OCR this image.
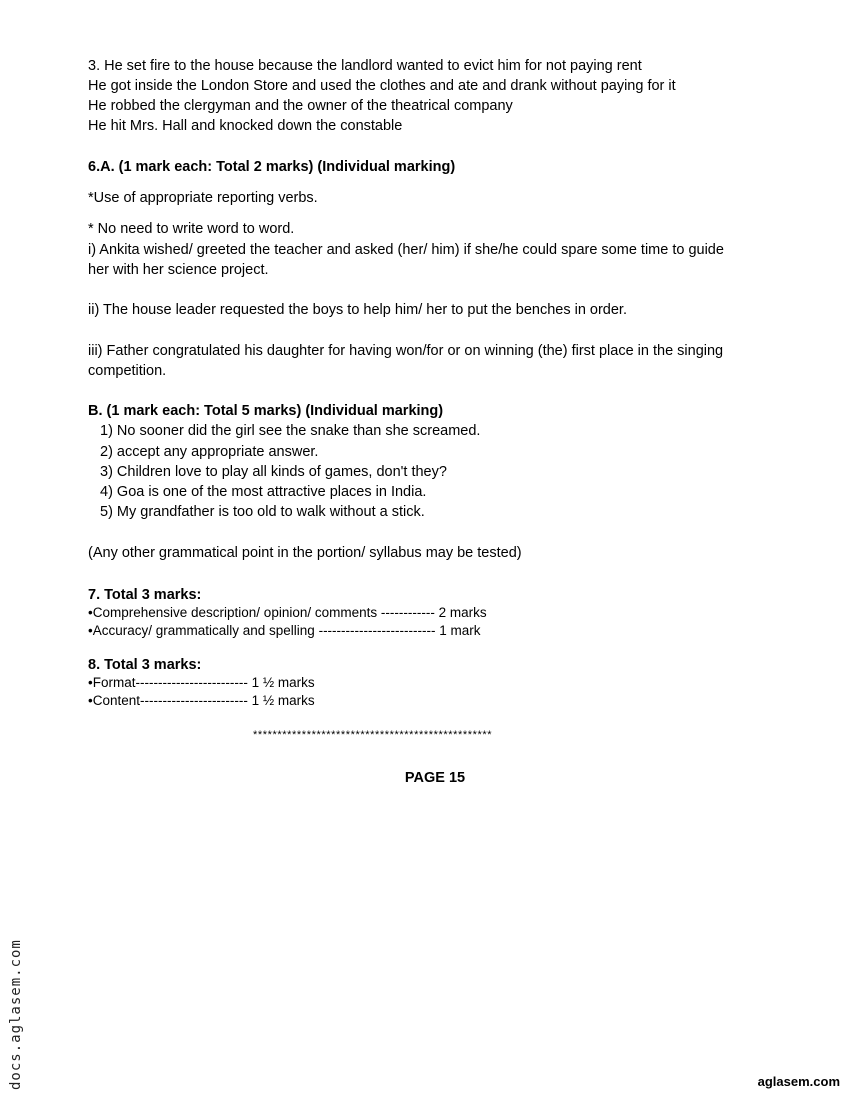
3. He set fire to the house because the landlord wanted to evict him for not paying rent
He got inside the London Store and used the clothes and ate and drank without paying for it
He robbed the clergyman and the owner of the theatrical company
He hit Mrs. Hall and knocked down the constable
6.A. (1 mark each: Total 2 marks) (Individual marking)
*Use of appropriate reporting verbs.
* No need to write word to word.
i) Ankita wished/ greeted the teacher and asked (her/ him) if she/he could spare some time to guide
her with her science project.
ii) The house leader requested the boys to help him/ her to put the benches in order.
iii) Father congratulated his daughter for having won/for or on winning (the) first place in the singing
competition.
B. (1 mark each: Total 5 marks) (Individual marking)
1) No sooner did the girl see the snake than she screamed.
2) accept any appropriate answer.
3) Children love to play all kinds of games, don't they?
4) Goa is one of the most attractive places in India.
5) My grandfather is too old to walk without a stick.
(Any other grammatical point in the portion/ syllabus may be tested)
7. Total 3 marks:
•Comprehensive description/ opinion/ comments ------------ 2 marks
•Accuracy/ grammatically and spelling -------------------------- 1 mark
8. Total 3 marks:
•Format------------------------- 1 ½ marks
•Content------------------------ 1 ½ marks
*************************************************
PAGE 15
docs.aglasem.com	aglasem.com
